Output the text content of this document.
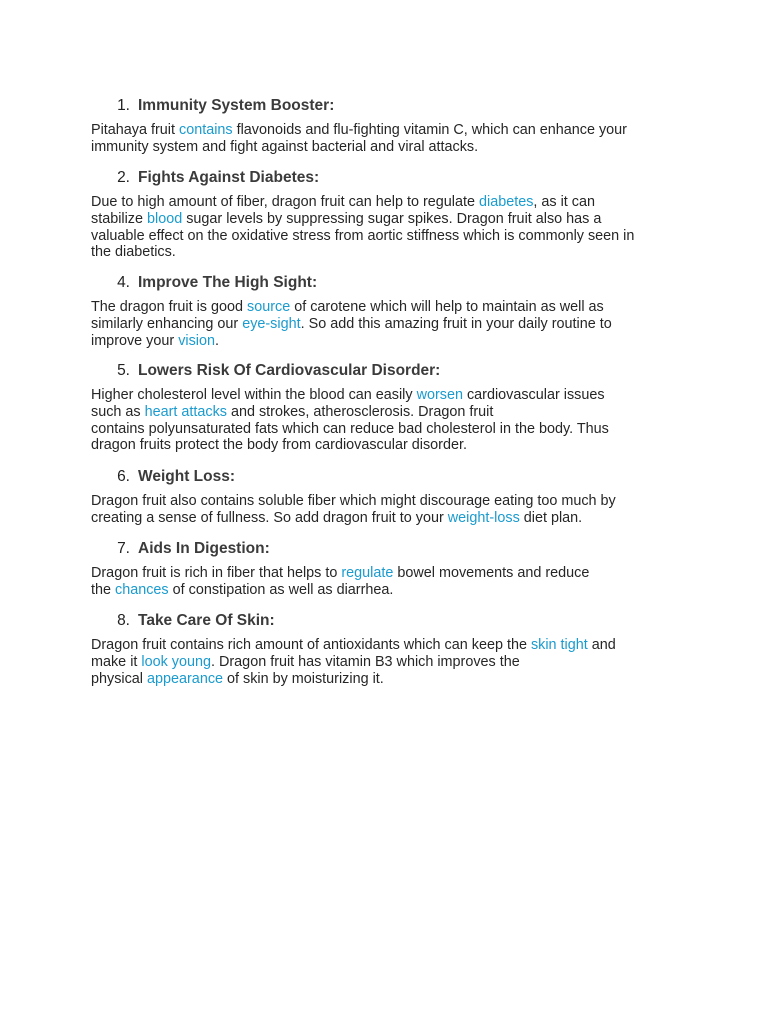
1. Immunity System Booster:
Pitahaya fruit contains flavonoids and flu-fighting vitamin C, which can enhance your
immunity system and fight against bacterial and viral attacks.
2. Fights Against Diabetes:
Due to high amount of fiber, dragon fruit can help to regulate diabetes, as it can
stabilize blood sugar levels by suppressing sugar spikes. Dragon fruit also has a
valuable effect on the oxidative stress from aortic stiffness which is commonly seen in
the diabetics.
4. Improve The High Sight:
The dragon fruit is good source of carotene which will help to maintain as well as
similarly enhancing our eye-sight. So add this amazing fruit in your daily routine to
improve your vision.
5. Lowers Risk Of Cardiovascular Disorder:
Higher cholesterol level within the blood can easily worsen cardiovascular issues
such as heart attacks and strokes, atherosclerosis. Dragon fruit
contains polyunsaturated fats which can reduce bad cholesterol in the body. Thus
dragon fruits protect the body from cardiovascular disorder.
6. Weight Loss:
Dragon fruit also contains soluble fiber which might discourage eating too much by
creating a sense of fullness. So add dragon fruit to your weight-loss diet plan.
7. Aids In Digestion:
Dragon fruit is rich in fiber that helps to regulate bowel movements and reduce
the chances of constipation as well as diarrhea.
8. Take Care Of Skin:
Dragon fruit contains rich amount of antioxidants which can keep the skin tight and
make it look young. Dragon fruit has vitamin B3 which improves the
physical appearance of skin by moisturizing it.
